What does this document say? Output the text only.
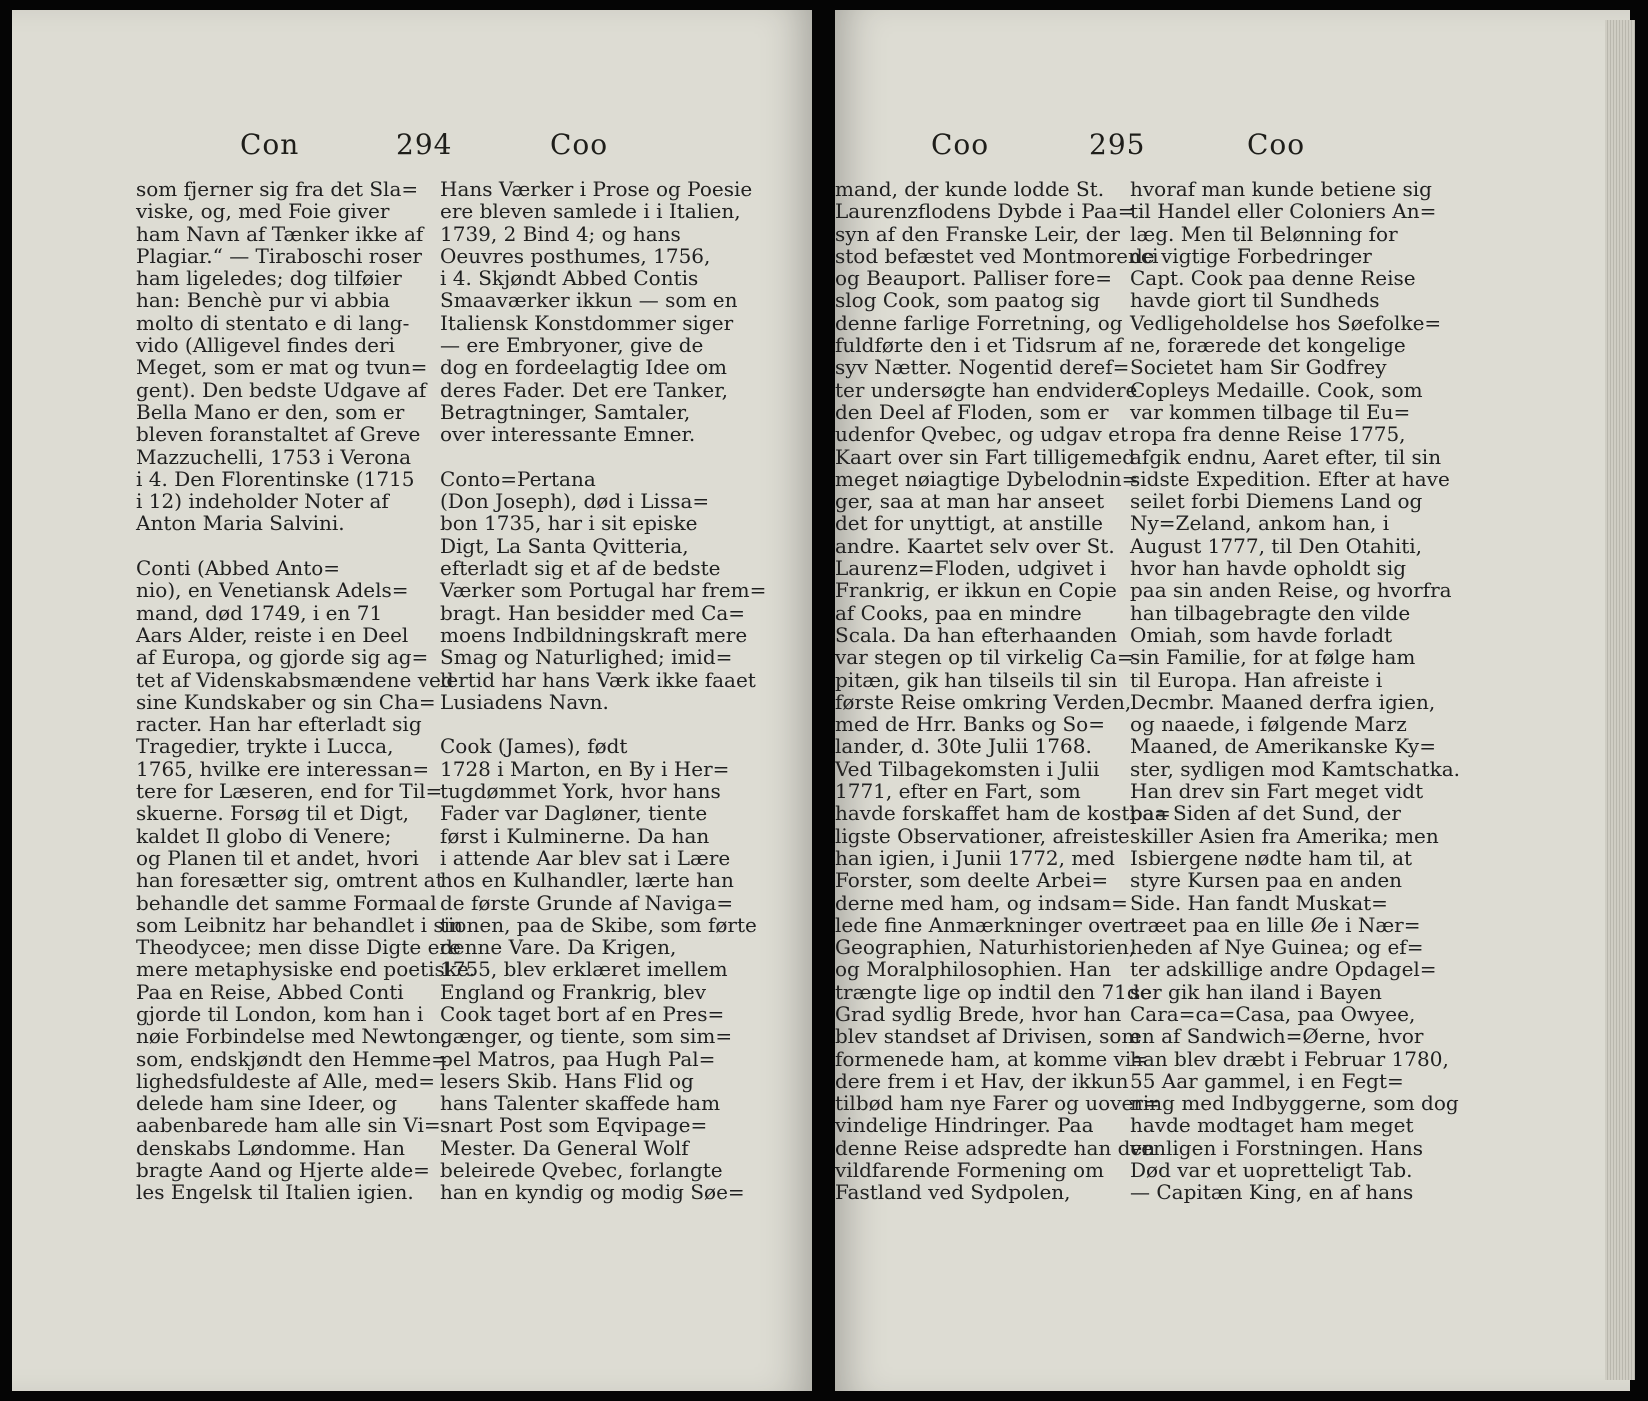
Con	294	Coo
som fjerner sig fra det Sla=
viske, og, med Foie giver
ham Navn af Tænker ikke af
Plagiar.“ — Tiraboschi roser
ham ligeledes; dog tilføier
han: Benchè pur vi abbia
molto di stentato e di lang-
vido (Alligevel findes deri
Meget, som er mat og tvun=
gent). Den bedste Udgave af
Bella Mano er den, som er
bleven foranstaltet af Greve
Mazzuchelli, 1753 i Verona
i 4. Den Florentinske (1715
i 12) indeholder Noter af
Anton Maria Salvini.

Conti (Abbed Anto=
nio), en Venetiansk Adels=
mand, død 1749, i en 71
Aars Alder, reiste i en Deel
af Europa, og gjorde sig ag=
tet af Videnskabsmændene ved
sine Kundskaber og sin Cha=
racter. Han har efterladt sig
Tragedier, trykte i Lucca,
1765, hvilke ere interessan=
tere for Læseren, end for Til=
skuerne. Forsøg til et Digt,
kaldet Il globo di Venere;
og Planen til et andet, hvori
han foresætter sig, omtrent at
behandle det samme Formaal
som Leibnitz har behandlet i sin
Theodycee; men disse Digte ere
mere metaphysiske end poetiske.
Paa en Reise, Abbed Conti
gjorde til London, kom han i
nøie Forbindelse med Newton,
som, endskjøndt den Hemme=
lighedsfuldeste af Alle, med=
delede ham sine Ideer, og
aabenbarede ham alle sin Vi=
denskabs Løndomme. Han
bragte Aand og Hjerte alde=
les Engelsk til Italien igien.
Hans Værker i Prose og Poesie
ere bleven samlede i i Italien,
1739, 2 Bind 4; og hans
Oeuvres posthumes, 1756,
i 4. Skjøndt Abbed Contis
Smaaværker ikkun — som en
Italiensk Konstdommer siger
— ere Embryoner, give de
dog en fordeelagtig Idee om
deres Fader. Det ere Tanker,
Betragtninger, Samtaler,
over interessante Emner.

Conto=Pertana
(Don Joseph), død i Lissa=
bon 1735, har i sit episke
Digt, La Santa Qvitteria,
efterladt sig et af de bedste
Værker som Portugal har frem=
bragt. Han besidder med Ca=
moens Indbildningskraft mere
Smag og Naturlighed; imid=
lertid har hans Værk ikke faaet
Lusiadens Navn.

Cook (James), født
1728 i Marton, en By i Her=
tugdømmet York, hvor hans
Fader var Dagløner, tiente
først i Kulminerne. Da han
i attende Aar blev sat i Lære
hos en Kulhandler, lærte han
de første Grunde af Naviga=
tionen, paa de Skibe, som førte
denne Vare. Da Krigen,
1755, blev erklæret imellem
England og Frankrig, blev
Cook taget bort af en Pres=
gænger, og tiente, som sim=
pel Matros, paa Hugh Pal=
lesers Skib. Hans Flid og
hans Talenter skaffede ham
snart Post som Eqvipage=
Mester. Da General Wolf
beleirede Qvebec, forlangte
han en kyndig og modig Søe=
Coo	295	Coo
mand, der kunde lodde St.
Laurenzflodens Dybde i Paa=
syn af den Franske Leir, der
stod befæstet ved Montmorenci
og Beauport. Palliser fore=
slog Cook, som paatog sig
denne farlige Forretning, og
fuldførte den i et Tidsrum af
syv Nætter. Nogentid deref=
ter undersøgte han endvidere
den Deel af Floden, som er
udenfor Qvebec, og udgav et
Kaart over sin Fart tilligemed
meget nøiagtige Dybelodnin=
ger, saa at man har anseet
det for unyttigt, at anstille
andre. Kaartet selv over St.
Laurenz=Floden, udgivet i
Frankrig, er ikkun en Copie
af Cooks, paa en mindre
Scala. Da han efterhaanden
var stegen op til virkelig Ca=
pitæn, gik han tilseils til sin
første Reise omkring Verden,
med de Hrr. Banks og So=
lander, d. 30te Julii 1768.
Ved Tilbagekomsten i Julii
1771, efter en Fart, som
havde forskaffet ham de kostba=
ligste Observationer, afreiste
han igien, i Junii 1772, med
Forster, som deelte Arbei=
derne med ham, og indsam=
lede fine Anmærkninger over
Geographien, Naturhistorien,
og Moralphilosophien. Han
trængte lige op indtil den 71de
Grad sydlig Brede, hvor han
blev standset af Drivisen, som
formenede ham, at komme vi=
dere frem i et Hav, der ikkun
tilbød ham nye Farer og uover=
vindelige Hindringer. Paa
denne Reise adspredte han den
vildfarende Formening om
Fastland ved Sydpolen,
hvoraf man kunde betiene sig
til Handel eller Coloniers An=
læg. Men til Belønning for
de vigtige Forbedringer
Capt. Cook paa denne Reise
havde giort til Sundheds
Vedligeholdelse hos Søefolke=
ne, forærede det kongelige
Societet ham Sir Godfrey
Copleys Medaille. Cook, som
var kommen tilbage til Eu=
ropa fra denne Reise 1775,
afgik endnu, Aaret efter, til sin
sidste Expedition. Efter at have
seilet forbi Diemens Land og
Ny=Zeland, ankom han, i
August 1777, til Den Otahiti,
hvor han havde opholdt sig
paa sin anden Reise, og hvorfra
han tilbagebragte den vilde
Omiah, som havde forladt
sin Familie, for at følge ham
til Europa. Han afreiste i
Decmbr. Maaned derfra igien,
og naaede, i følgende Marz
Maaned, de Amerikanske Ky=
ster, sydligen mod Kamtschatka.
Han drev sin Fart meget vidt
paa Siden af det Sund, der
skiller Asien fra Amerika; men
Isbiergene nødte ham til, at
styre Kursen paa en anden
Side. Han fandt Muskat=
træet paa en lille Øe i Nær=
heden af Nye Guinea; og ef=
ter adskillige andre Opdagel=
ser gik han iland i Bayen
Cara=ca=Casa, paa Owyee,
en af Sandwich=Øerne, hvor
han blev dræbt i Februar 1780,
55 Aar gammel, i en Fegt=
ning med Indbyggerne, som dog
havde modtaget ham meget
venligen i Forstningen. Hans
Død var et uopretteligt Tab.
— Capitæn King, en af hans
